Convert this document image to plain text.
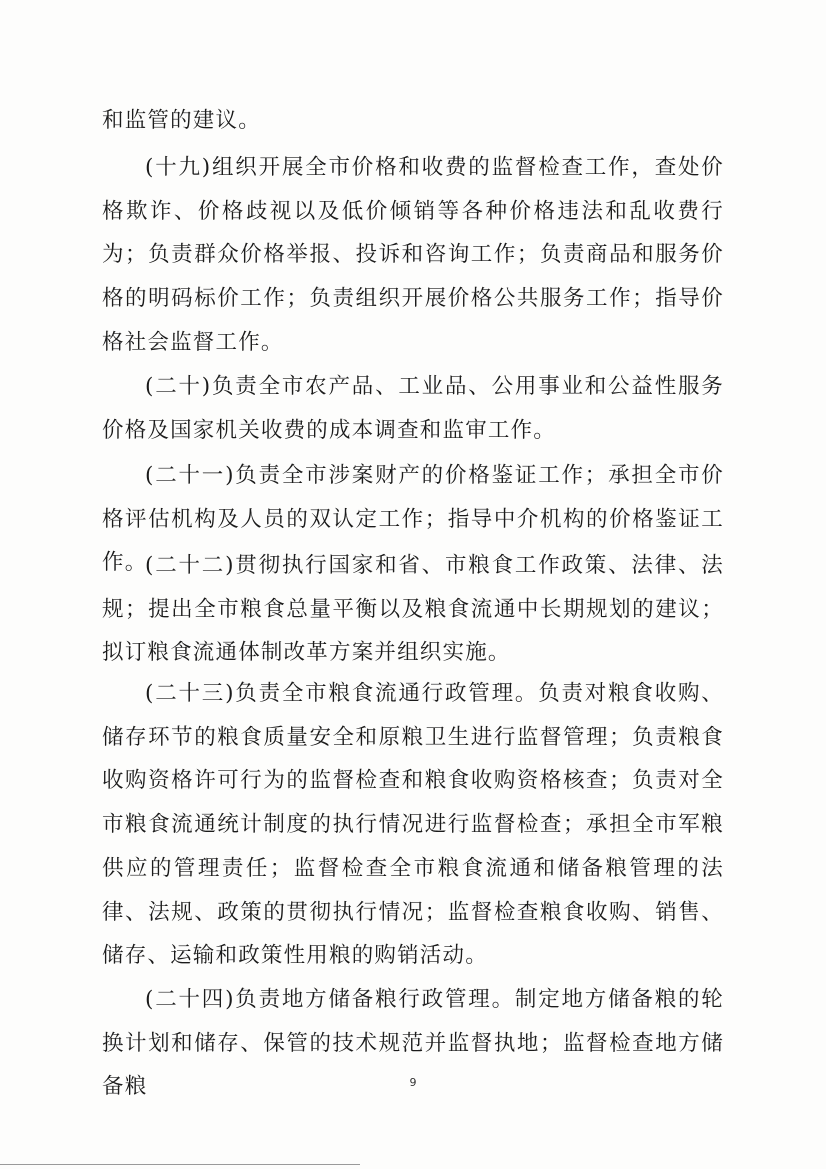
和监管的建议。

(十九)组织开展全市价格和收费的监督检查工作，查处价格欺诈、价格歧视以及低价倾销等各种价格违法和乱收费行为；负责群众价格举报、投诉和咨询工作；负责商品和服务价格的明码标价工作；负责组织开展价格公共服务工作；指导价格社会监督工作。

(二十)负责全市农产品、工业品、公用事业和公益性服务价格及国家机关收费的成本调查和监审工作。

(二十一)负责全市涉案财产的价格鉴证工作；承担全市价格评估机构及人员的双认定工作；指导中介机构的价格鉴证工作。

(二十二)贯彻执行国家和省、市粮食工作政策、法律、法规；提出全市粮食总量平衡以及粮食流通中长期规划的建议；拟订粮食流通体制改革方案并组织实施。

(二十三)负责全市粮食流通行政管理。负责对粮食收购、储存环节的粮食质量安全和原粮卫生进行监督管理；负责粮食收购资格许可行为的监督检查和粮食收购资格核查；负责对全市粮食流通统计制度的执行情况进行监督检查；承担全市军粮供应的管理责任；监督检查全市粮食流通和储备粮管理的法律、法规、政策的贯彻执行情况；监督检查粮食收购、销售、储存、运输和政策性用粮的购销活动。

(二十四)负责地方储备粮行政管理。制定地方储备粮的轮换计划和储存、保管的技术规范并监督执地；监督检查地方储备粮	9
